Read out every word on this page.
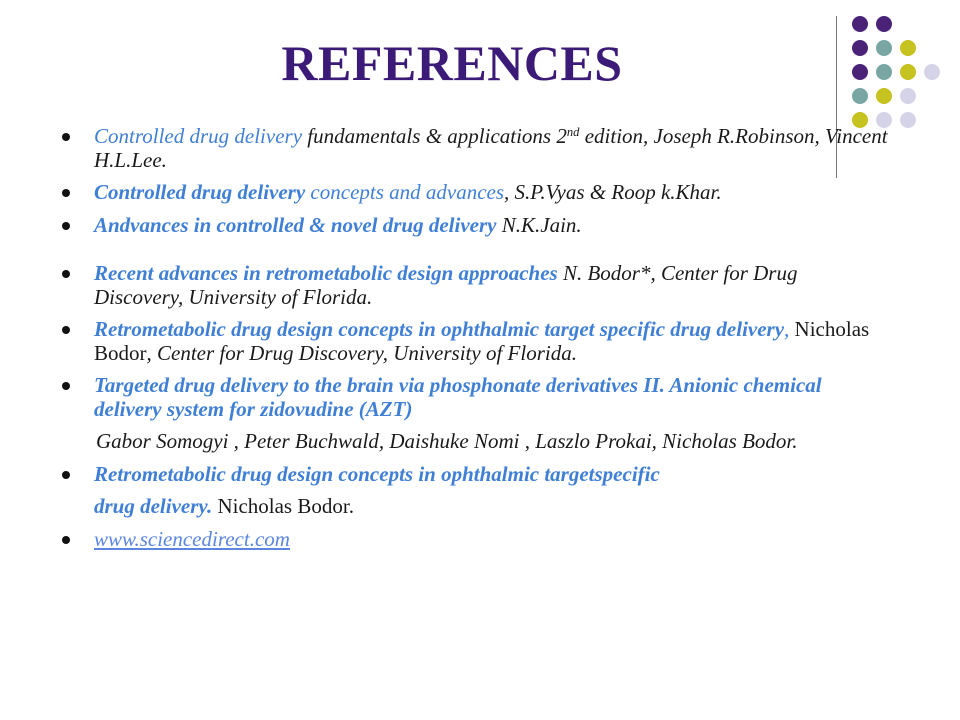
REFERENCES
Controlled drug delivery fundamentals & applications 2nd edition, Joseph R.Robinson, Vincent H.L.Lee.
Controlled drug delivery concepts and advances, S.P.Vyas & Roop k.Khar.
Andvances in controlled & novel drug delivery N.K.Jain.
Recent advances in retrometabolic design approaches N. Bodor*, Center for Drug Discovery, University of Florida.
Retrometabolic drug design concepts in ophthalmic target specific drug delivery, Nicholas Bodor, Center for Drug Discovery, University of Florida.
Targeted drug delivery to the brain via phosphonate derivatives II. Anionic chemical delivery system for zidovudine (AZT)
Gabor Somogyi , Peter Buchwald, Daishuke Nomi , Laszlo Prokai, Nicholas Bodor.
Retrometabolic drug design concepts in ophthalmic targetspecific
drug delivery. Nicholas Bodor.
www.sciencedirect.com
